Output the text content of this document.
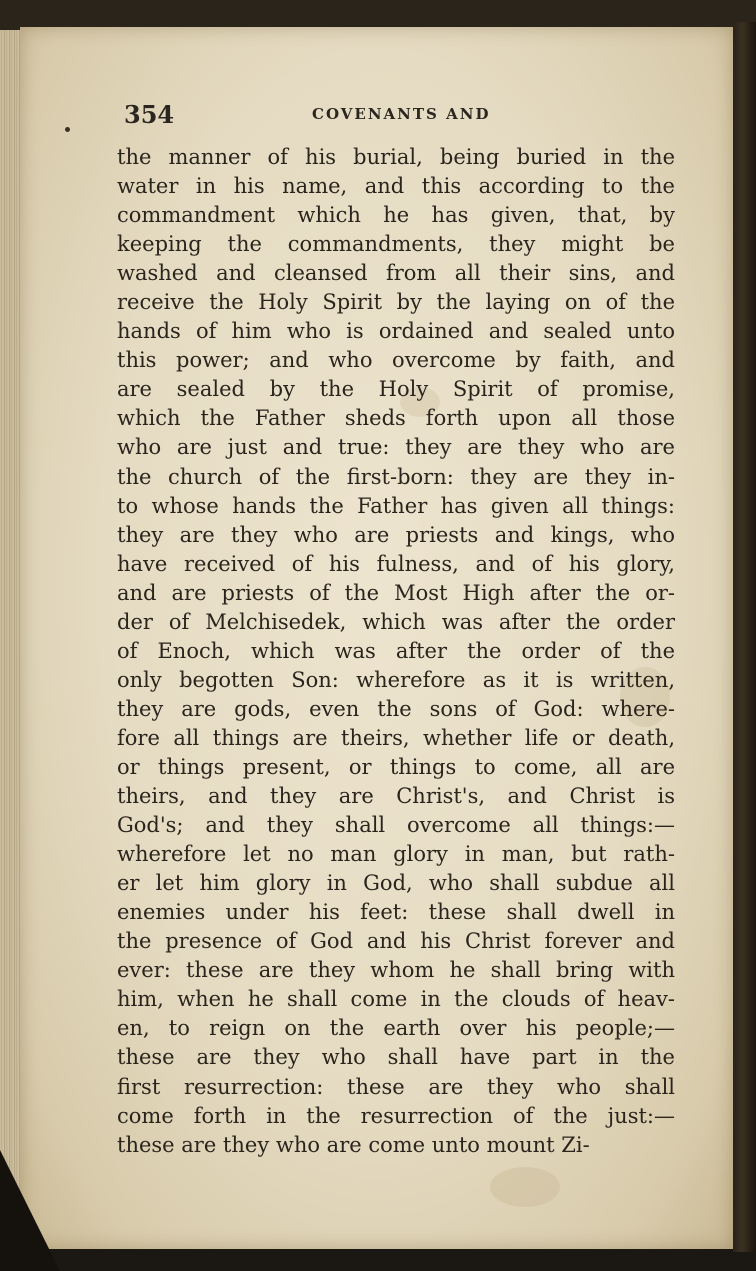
354	COVENANTS AND
the manner of his burial, being buried in the
water in his name, and this according to the
commandment which he has given, that, by
keeping the commandments, they might be
washed and cleansed from all their sins, and
receive the Holy Spirit by the laying on of the
hands of him who is ordained and sealed unto
this power; and who overcome by faith, and
are sealed by the Holy Spirit of promise,
which the Father sheds forth upon all those
who are just and true: they are they who are
the church of the first-born: they are they in-
to whose hands the Father has given all things:
they are they who are priests and kings, who
have received of his fulness, and of his glory,
and are priests of the Most High after the or-
der of Melchisedek, which was after the order
of Enoch, which was after the order of the
only begotten Son: wherefore as it is written,
they are gods, even the sons of God: where-
fore all things are theirs, whether life or death,
or things present, or things to come, all are
theirs, and they are Christ's, and Christ is
God's; and they shall overcome all things:—
wherefore let no man glory in man, but rath-
er let him glory in God, who shall subdue all
enemies under his feet: these shall dwell in
the presence of God and his Christ forever and
ever: these are they whom he shall bring with
him, when he shall come in the clouds of heav-
en, to reign on the earth over his people;—
these are they who shall have part in the
first resurrection: these are they who shall
come forth in the resurrection of the just:—
these are they who are come unto mount Zi-
